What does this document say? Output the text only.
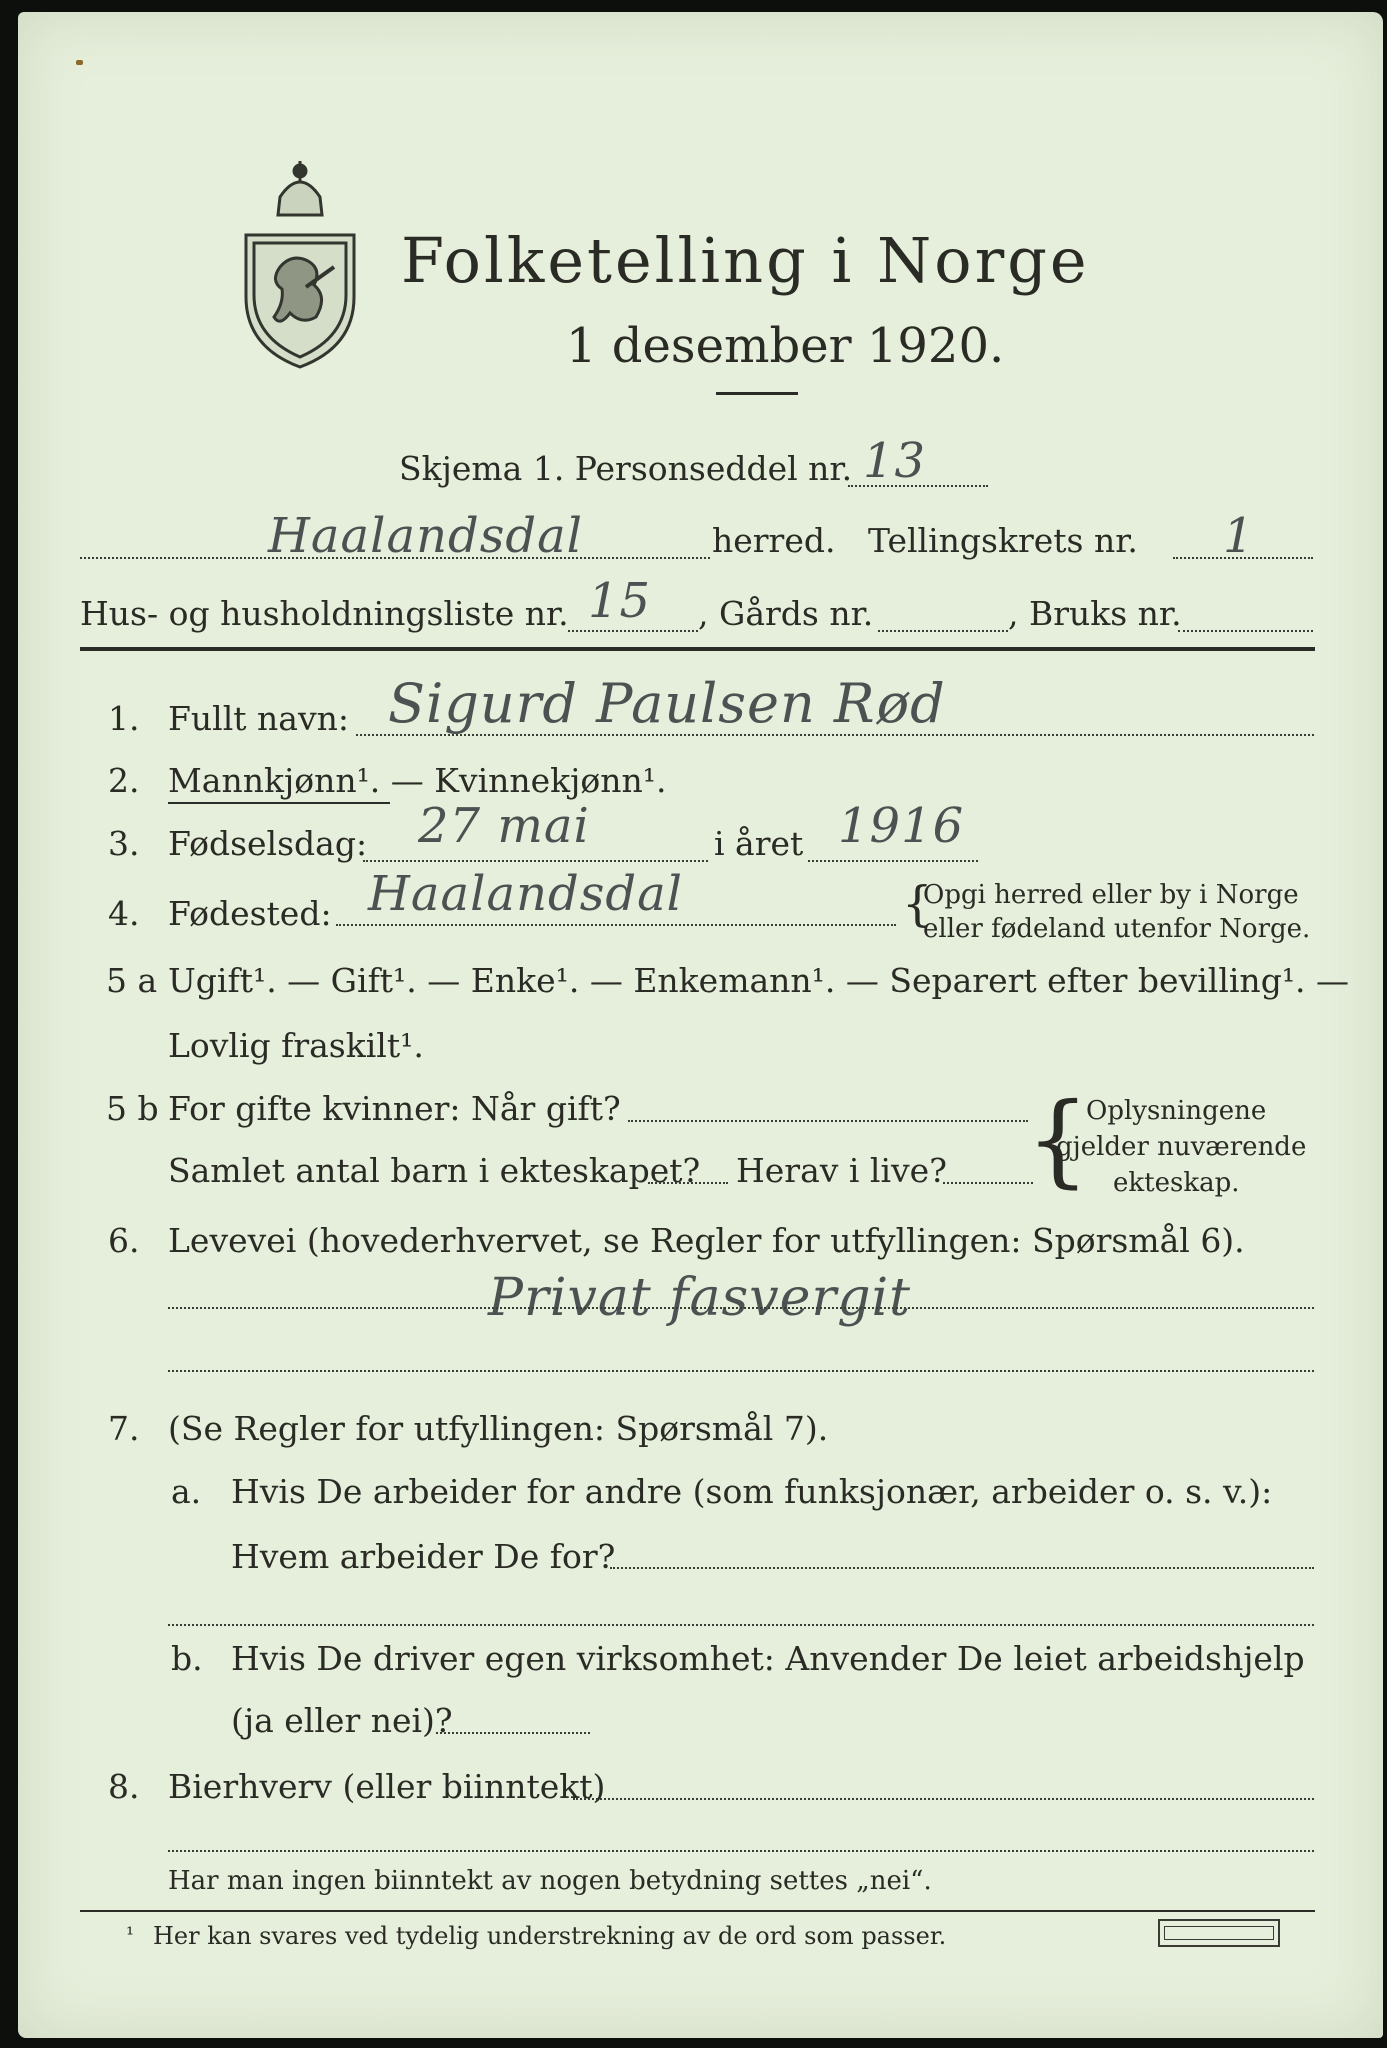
Folketelling i Norge
1 desember 1920.
Skjema 1. Personseddel nr. 13
Haalandsdal	herred. Tellingskrets nr. 1
Hus- og husholdningsliste nr. 15 , Gårds nr.	, Bruks nr.
1. Fullt navn: Sigurd Paulsen Rød
2. Mannkjønn¹. — Kvinnekjønn¹.
3. Fødselsdag: 27 mai	i året 1916
4. Fødested: Haalandsdal	{
Opgi herred eller by i Norge
eller fødeland utenfor Norge.
5 a Ugift¹. — Gift¹. — Enke¹. — Enkemann¹. — Separert efter bevilling¹. —
Lovlig fraskilt¹.
5 b For gifte kvinner: Når gift?
Samlet antal barn i ekteskapet? Herav i live? {
Oplysningene
gjelder nuværende
ekteskap.
6. Levevei (hovederhvervet, se Regler for utfyllingen: Spørsmål 6).
Privat fasvergit
7. (Se Regler for utfyllingen: Spørsmål 7).
a. Hvis De arbeider for andre (som funksjonær, arbeider o. s. v.):
Hvem arbeider De for?
b. Hvis De driver egen virksomhet: Anvender De leiet arbeidshjelp
(ja eller nei)?
8. Bierhverv (eller biinntekt)
Har man ingen biinntekt av nogen betydning settes „nei“.
¹ Her kan svares ved tydelig understrekning av de ord som passer.
